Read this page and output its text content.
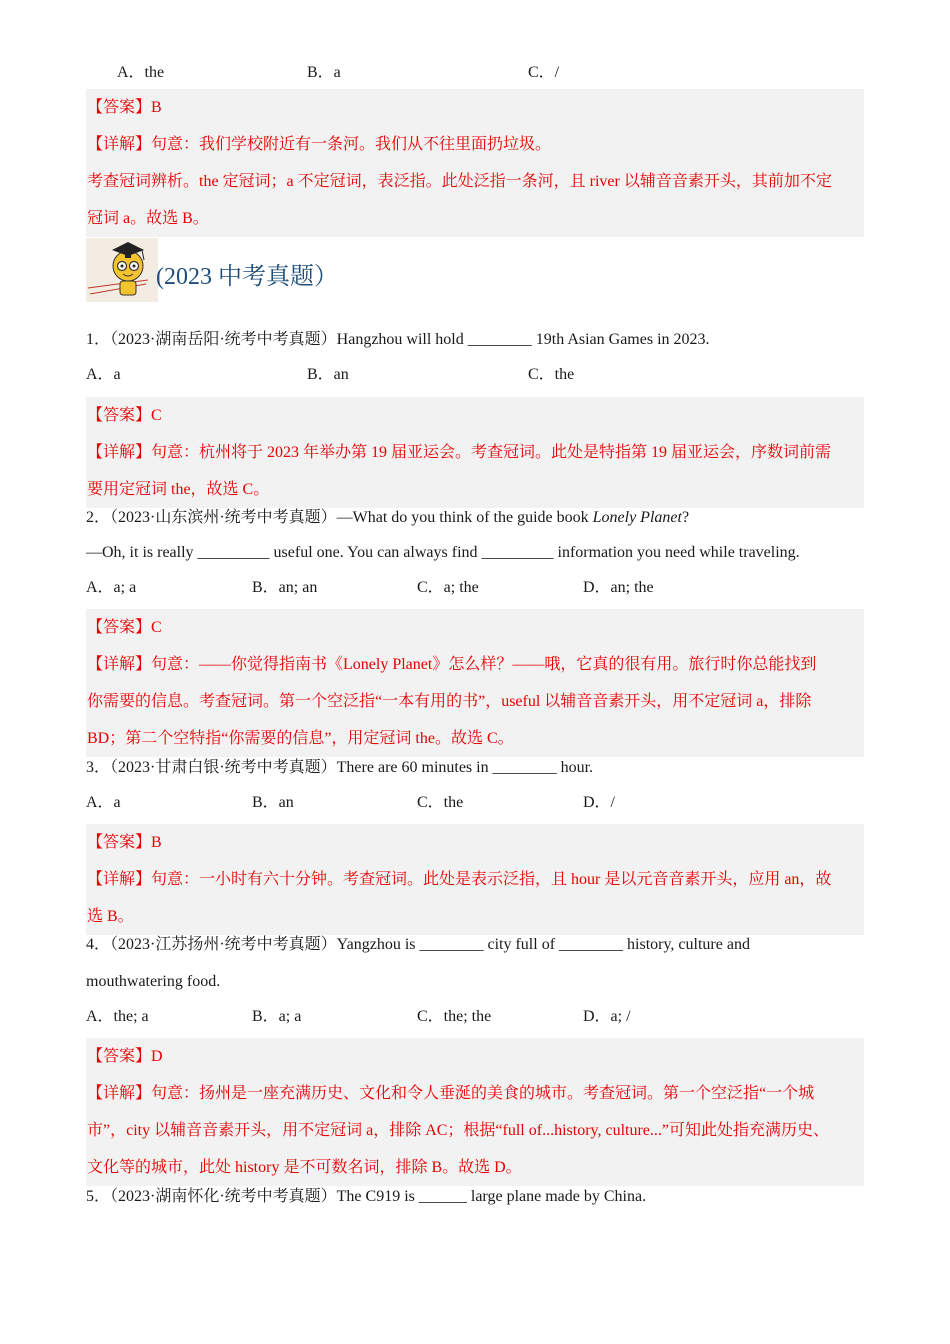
A．the	B．a	C．/
【答案】B
【详解】句意：我们学校附近有一条河。我们从不往里面扔垃圾。
考查冠词辨析。the 定冠词；a 不定冠词，表泛指。此处泛指一条河，且 river 以辅音音素开头，其前加不定
冠词 a。故选 B。
(2023 中考真题）
1．（2023·湖南岳阳·统考中考真题）Hangzhou will hold ________ 19th Asian Games in 2023.
A．a	B．an	C．the
【答案】C
【详解】句意：杭州将于 2023 年举办第 19 届亚运会。考查冠词。此处是特指第 19 届亚运会，序数词前需
要用定冠词 the，故选 C。
2．（2023·山东滨州·统考中考真题）—What do you think of the guide book Lonely Planet?
—Oh, it is really _________ useful one. You can always find _________ information you need while traveling.
A．a; a	B．an; an	C．a; the	D．an; the
【答案】C
【详解】句意：——你觉得指南书《Lonely Planet》怎么样？——哦，它真的很有用。旅行时你总能找到
你需要的信息。考查冠词。第一个空泛指“一本有用的书”，useful 以辅音音素开头，用不定冠词 a，排除
BD；第二个空特指“你需要的信息”，用定冠词 the。故选 C。
3．（2023·甘肃白银·统考中考真题）There are 60 minutes in ________ hour.
A．a	B．an	C．the	D．/
【答案】B
【详解】句意：一小时有六十分钟。考查冠词。此处是表示泛指，且 hour 是以元音音素开头，应用 an，故
选 B。
4．（2023·江苏扬州·统考中考真题）Yangzhou is ________ city full of ________ history, culture and
mouthwatering food.
A．the; a	B．a; a	C．the; the	D．a; /
【答案】D
【详解】句意：扬州是一座充满历史、文化和令人垂涎的美食的城市。考查冠词。第一个空泛指“一个城
市”，city 以辅音音素开头，用不定冠词 a，排除 AC；根据“full of...history, culture...”可知此处指充满历史、
文化等的城市，此处 history 是不可数名词，排除 B。故选 D。
5．（2023·湖南怀化·统考中考真题）The C919 is ______ large plane made by China.
